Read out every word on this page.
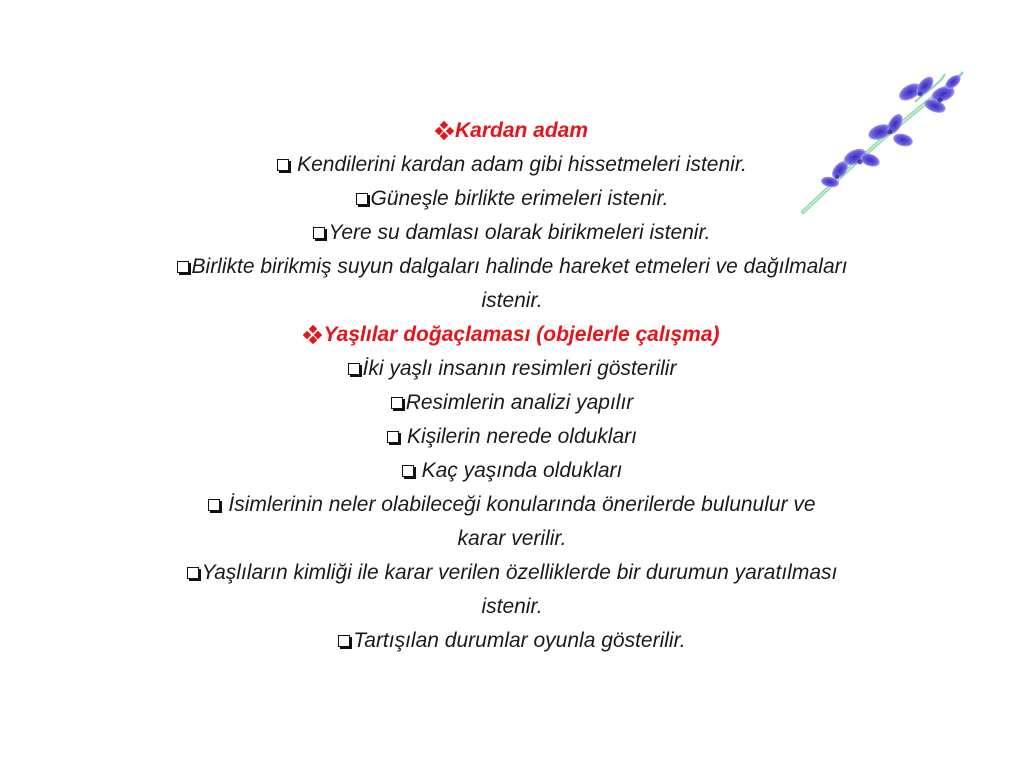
Kardan adam

Kendilerini kardan adam gibi hissetmeleri istenir.

Güneşle birlikte erimeleri istenir.

Yere su damlası olarak birikmeleri istenir.

Birlikte birikmiş suyun dalgaları halinde hareket etmeleri ve dağılmaları

istenir.

Yaşlılar doğaçlaması (objelerle çalışma)

İki yaşlı insanın resimleri gösterilir

Resimlerin analizi yapılır

Kişilerin nerede oldukları

Kaç yaşında oldukları

İsimlerinin neler olabileceği konularında önerilerde bulunulur ve

karar verilir.

Yaşlıların kimliği ile karar verilen özelliklerde bir durumun yaratılması

istenir.

Tartışılan durumlar oyunla gösterilir.
